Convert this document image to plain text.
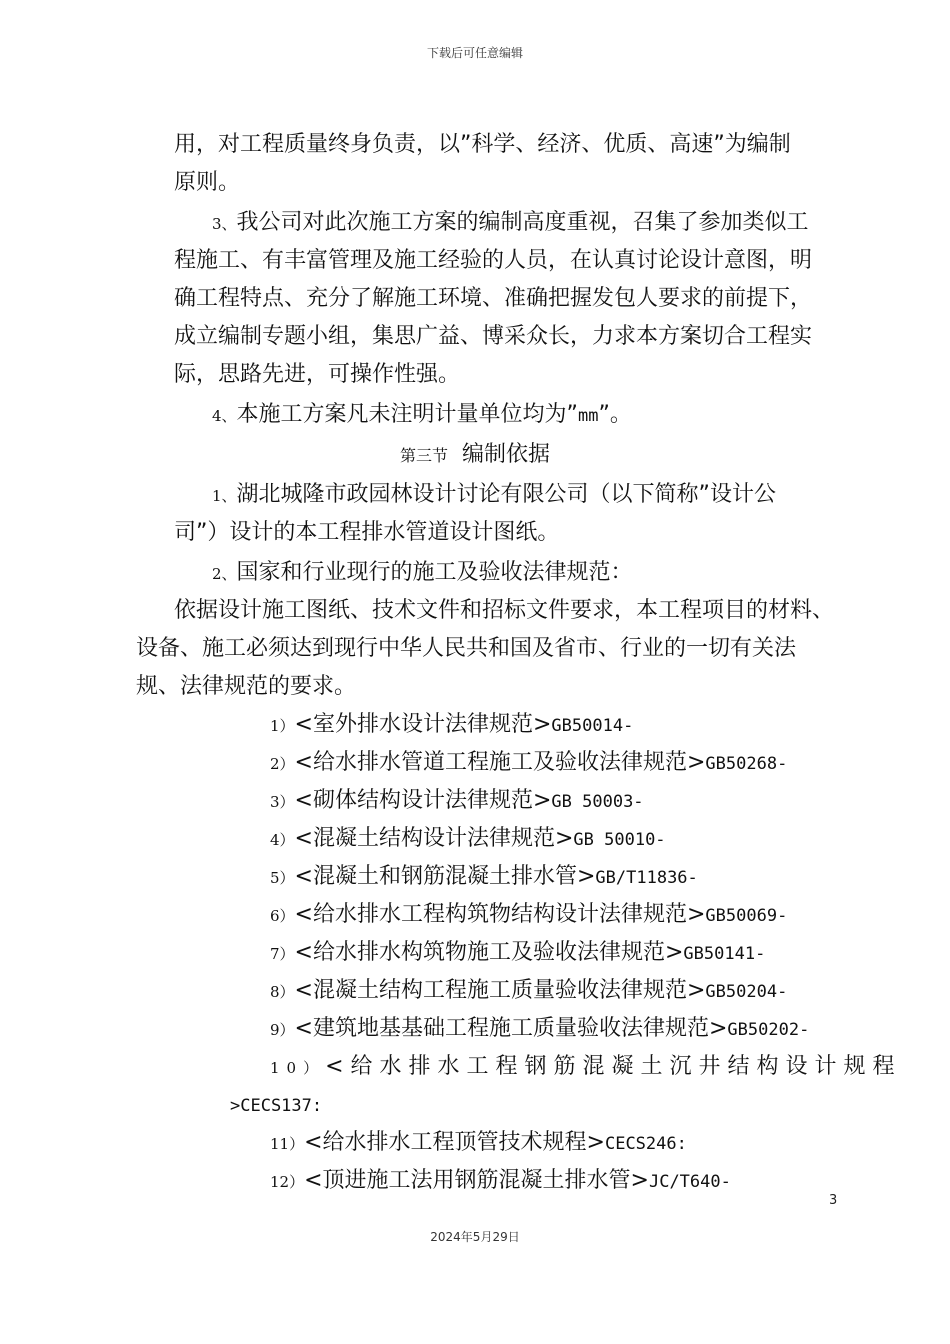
下载后可任意编辑
用，对工程质量终身负责，以”科学、经济、优质、高速”为编制
原则。
3、我公司对此次施工方案的编制高度重视，召集了参加类似工
程施工、有丰富管理及施工经验的人员，在认真讨论设计意图，明
确工程特点、充分了解施工环境、准确把握发包人要求的前提下，
成立编制专题小组，集思广益、博采众长，力求本方案切合工程实
际，思路先进，可操作性强。
4、本施工方案凡未注明计量单位均为”mm”。
第三节 编制依据
1、湖北城隆市政园林设计讨论有限公司（以下简称”设计公
司”）设计的本工程排水管道设计图纸。
2、国家和行业现行的施工及验收法律规范：
依据设计施工图纸、技术文件和招标文件要求，本工程项目的材料、
设备、施工必须达到现行中华人民共和国及省市、行业的一切有关法
规、法律规范的要求。
1）<室外排水设计法律规范>GB50014-
2）<给水排水管道工程施工及验收法律规范>GB50268-
3）<砌体结构设计法律规范>GB 50003-
4）<混凝土结构设计法律规范>GB 50010-
5）<混凝土和钢筋混凝土排水管>GB/T11836-
6）<给水排水工程构筑物结构设计法律规范>GB50069-
7）<给水排水构筑物施工及验收法律规范>GB50141-
8）<混凝土结构工程施工质量验收法律规范>GB50204-
9）<建筑地基基础工程施工质量验收法律规范>GB50202-
10）<给水排水工程钢筋混凝土沉井结构设计规程
>CECS137:
11）<给水排水工程顶管技术规程>CECS246:
12）<顶进施工法用钢筋混凝土排水管>JC/T640-
3
2024年5月29日
